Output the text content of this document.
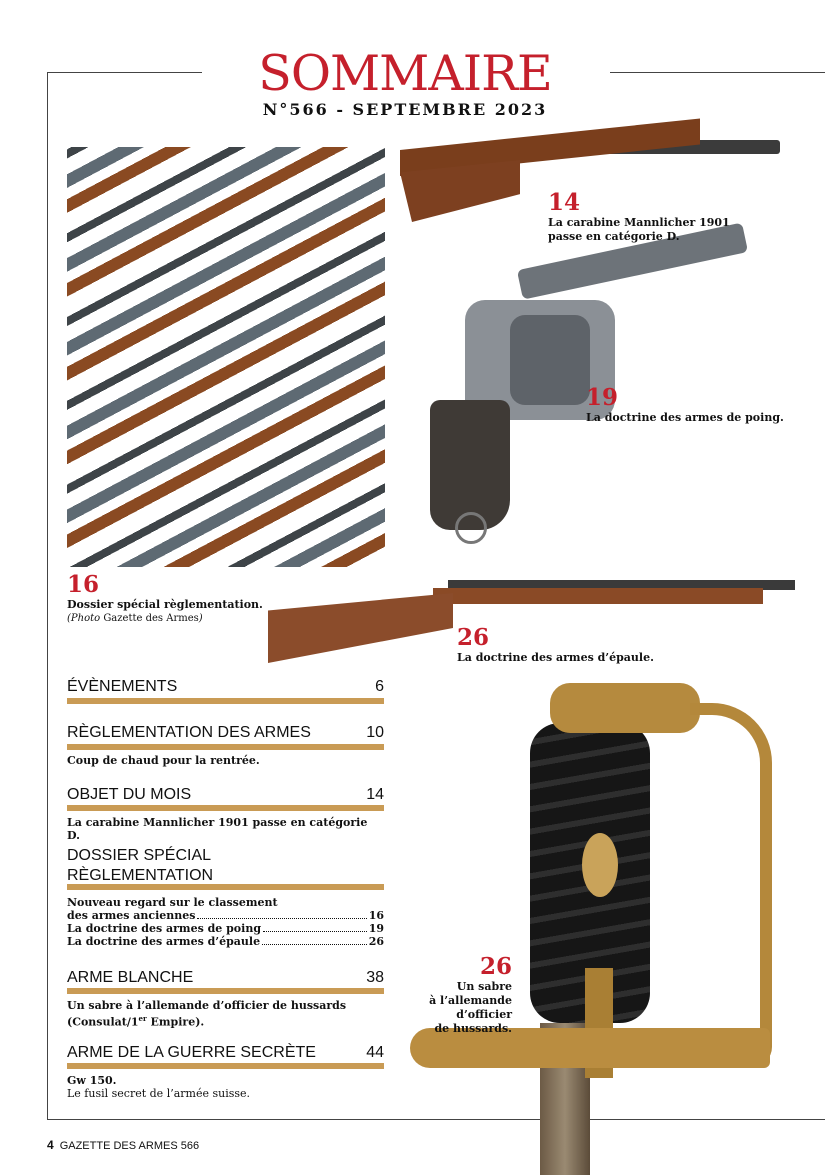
SOMMAIRE
N°566 - SEPTEMBRE 2023
14
La carabine Mannlicher 1901
passe en catégorie D.
19
La doctrine des armes de poing.
16
Dossier spécial règlementation.
(Photo Gazette des Armes)
26
La doctrine des armes d’épaule.
26
Un sabre
à l’allemande
d’officier
de hussards.
ÉVÈNEMENTS	6
RÈGLEMENTATION DES ARMES	10
Coup de chaud pour la rentrée.
OBJET DU MOIS	14
La carabine Mannlicher 1901 passe en catégorie D.
DOSSIER SPÉCIAL
RÈGLEMENTATION
Nouveau regard sur le classement
des armes anciennes	16
La doctrine des armes de poing	19
La doctrine des armes d’épaule	26
ARME BLANCHE	38
Un sabre à l’allemande d’officier de hussards
(Consulat/1er Empire).
ARME DE LA GUERRE SECRÈTE	44
Gw 150.
Le fusil secret de l’armée suisse.
4 GAZETTE DES ARMES 566
